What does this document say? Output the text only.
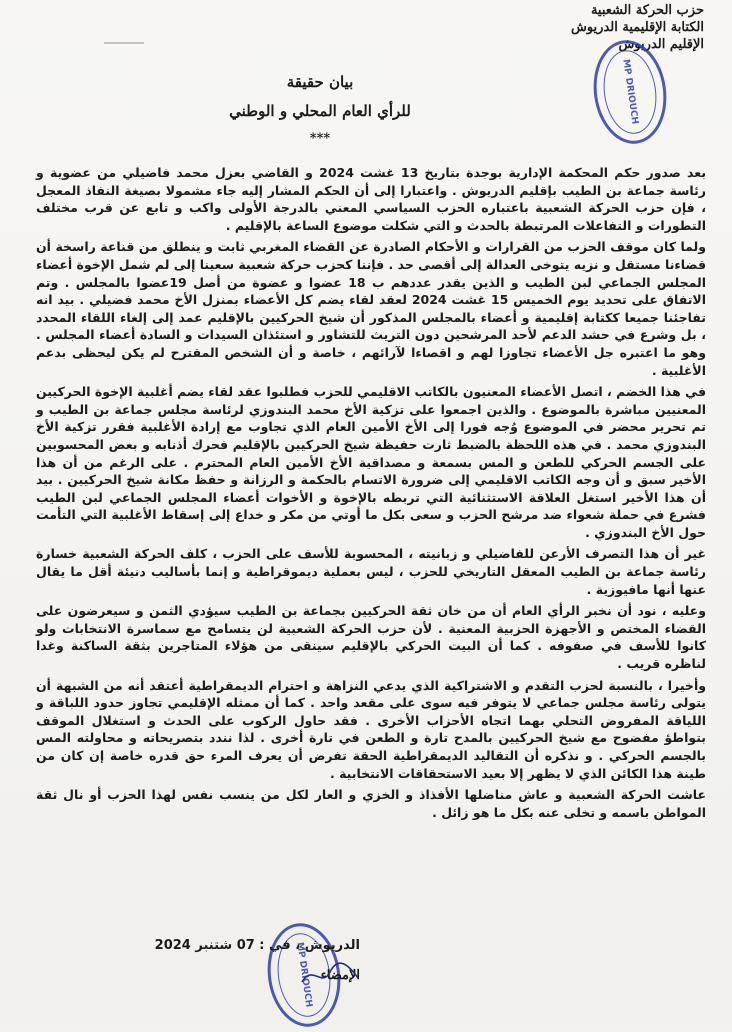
حزب الحركة الشعبية
الكتابة الإقليمية الدريوش
الإقليم الدريوش
MP DRIOUCH
بيان حقيقة
للرأي العام المحلي و الوطني
***

بعد صدور حكم المحكمة الإدارية بوجدة بتاريخ 13 غشت 2024 و القاضي بعزل محمد فاضيلي من عضوية و رئاسة جماعة بن الطيب بإقليم الدريوش . واعتبارا إلى أن الحكم المشار إليه جاء مشمولا بصيغة النفاذ المعجل ، فإن حزب الحركة الشعبية باعتباره الحزب السياسي المعني بالدرجة الأولى واكب و تابع عن قرب مختلف التطورات و التفاعلات المرتبطة بالحدث و التي شكلت موضوع الساعة بالإقليم .

ولما كان موقف الحزب من القرارات و الأحكام الصادرة عن القضاء المغربي ثابت و ينطلق من قناعة راسخة أن قضاءنا مستقل و نزيه يتوخى العدالة إلى أقصى حد . فإننا كحزب حركة شعبية سعينا إلى لم شمل الإخوة أعضاء المجلس الجماعي لبن الطيب و الذين يقدر عددهم ب 18 عضوا و عضوة من أصل 19عضوا بالمجلس . وتم الاتفاق على تحديد يوم الخميس 15 غشت 2024 لعقد لقاء يضم كل الأعضاء بمنزل الأخ محمد فضيلي . بيد انه تفاجئنا جميعا ككتابة إقليمية و أعضاء بالمجلس المذكور أن شيخ الحركيين بالإقليم عمد إلى إلغاء اللقاء المحدد ، بل وشرع في حشد الدعم لأحد المرشحين دون التريث للتشاور و استئذان السيدات و السادة أعضاء المجلس . وهو ما اعتبره جل الأعضاء تجاوزا لهم و اقصاءا لآرائهم ، خاصة و أن الشخص المقترح لم يكن ليحظى بدعم الأغلبية .

في هذا الخضم ، اتصل الأعضاء المعنيون بالكاتب الاقليمي للحزب فطلبوا عقد لقاء يضم أغلبية الإخوة الحركيين المعنيين مباشرة بالموضوع . والذين اجمعوا على تزكية الأخ محمد البندوزي لرئاسة مجلس جماعة بن الطيب و تم تحرير محضر في الموضوع وُجه فورا إلى الأخ الأمين العام الذي تجاوب مع إرادة الأغلبية فقرر تزكية الأخ البندوزي محمد . في هذه اللحظة بالضبط ثارت حفيظة شيخ الحركيين بالإقليم فحرك أذنابه و بعض المحسوبين على الجسم الحركي للطعن و المس بسمعة و مصداقية الأخ الأمين العام المحترم . على الرغم من أن هذا الأخير سبق و أن وجه الكاتب الاقليمي إلى ضرورة الاتسام بالحكمة و الرزانة و حفظ مكانة شيخ الحركيين . بيد أن هذا الأخير استغل العلاقة الاستثنائية التي تربطه بالإخوة و الأخوات أعضاء المجلس الجماعي لبن الطيب فشرع في حملة شعواء ضد مرشح الحزب و سعى بكل ما أوتي من مكر و خداع إلى إسقاط الأغلبية التي التأمت حول الأخ البندوزي .

غير أن هذا التصرف الأرعن للفاضيلي و زبانيته ، المحسوبة للأسف على الحزب ، كلف الحركة الشعبية خسارة رئاسة جماعة بن الطيب المعقل التاريخي للحزب ، ليس بعملية ديموقراطية و إنما بأساليب دنيئة أقل ما يقال عنها أنها مافيوزية .

وعليه ، نود أن نخبر الرأي العام أن من خان ثقة الحركيين بجماعة بن الطيب سيؤدي الثمن و سيعرضون على القضاء المختص و الأجهزة الحزبية المعنية . لأن حزب الحركة الشعبية لن يتسامح مع سماسرة الانتخابات ولو كانوا للأسف في صفوفه . كما أن البيت الحركي بالإقليم سينقى من هؤلاء المتاجرين بثقة الساكنة وغدا لناظره قريب .

وأخيرا ، بالنسبة لحزب التقدم و الاشتراكية الذي يدعي النزاهة و احترام الديمقراطية أعتقد أنه من الشبهة أن يتولى رئاسة مجلس جماعي لا يتوفر فيه سوى على مقعد واحد . كما أن ممثله الإقليمي تجاوز حدود اللباقة و اللياقة المفروض التحلي بهما اتجاه الأحزاب الأخرى . فقد حاول الركوب على الحدث و استغلال الموقف بتواطؤ مفضوح مع شيخ الحركيين بالمدح تارة و الطعن في تارة أخرى . لذا نندد بتصريحاته و محاولته المس بالجسم الحركي . و نذكره أن التقاليد الديمقراطية الحقة تفرض أن يعرف المرء حق قدره خاصة إن كان من طينة هذا الكائن الذي لا يظهر إلا بعيد الاستحقاقات الانتخابية .

عاشت الحركة الشعبية و عاش مناضلها الأفذاذ و الخزي و العار لكل من ينسب نفس لهذا الحزب أو نال ثقة المواطن باسمه و تخلى عنه بكل ما هو زائل .

MP DRIOUCH
الدريوش ، في : 07 شتنبر 2024
الإمضاء
